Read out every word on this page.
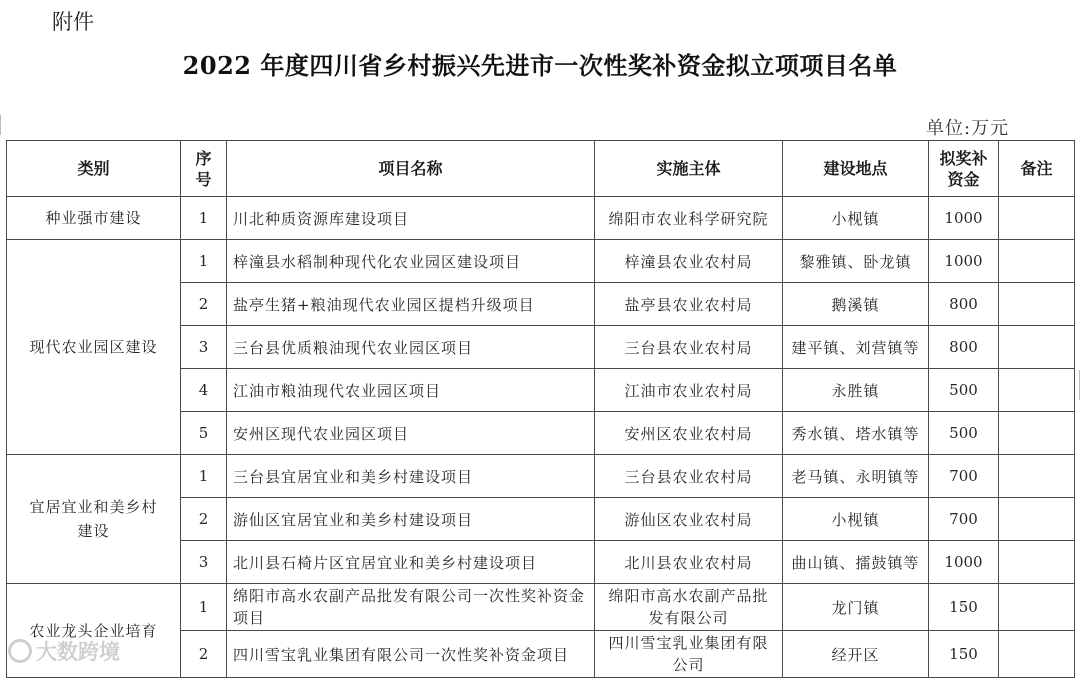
附件
2022 年度四川省乡村振兴先进市一次性奖补资金拟立项项目名单
单位:万元
类别	序号	项目名称	实施主体	建设地点	拟奖补资金	备注
种业强市建设	1	川北种质资源库建设项目	绵阳市农业科学研究院	小枧镇	1000	
现代农业园区建设	1	梓潼县水稻制种现代化农业园区建设项目	梓潼县农业农村局	黎雅镇、卧龙镇	1000	
	2	盐亭生猪+粮油现代农业园区提档升级项目	盐亭县农业农村局	鹅溪镇	800	
	3	三台县优质粮油现代农业园区项目	三台县农业农村局	建平镇、刘营镇等	800	
	4	江油市粮油现代农业园区项目	江油市农业农村局	永胜镇	500	
	5	安州区现代农业园区项目	安州区农业农村局	秀水镇、塔水镇等	500	
宜居宜业和美乡村建设	1	三台县宜居宜业和美乡村建设项目	三台县农业农村局	老马镇、永明镇等	700	
	2	游仙区宜居宜业和美乡村建设项目	游仙区农业农村局	小枧镇	700	
	3	北川县石椅片区宜居宜业和美乡村建设项目	北川县农业农村局	曲山镇、擂鼓镇等	1000	
农业龙头企业培育	1	绵阳市高水农副产品批发有限公司一次性奖补资金项目	绵阳市高水农副产品批发有限公司	龙门镇	150	
	2	四川雪宝乳业集团有限公司一次性奖补资金项目	四川雪宝乳业集团有限公司	经开区	150	
大数跨境
